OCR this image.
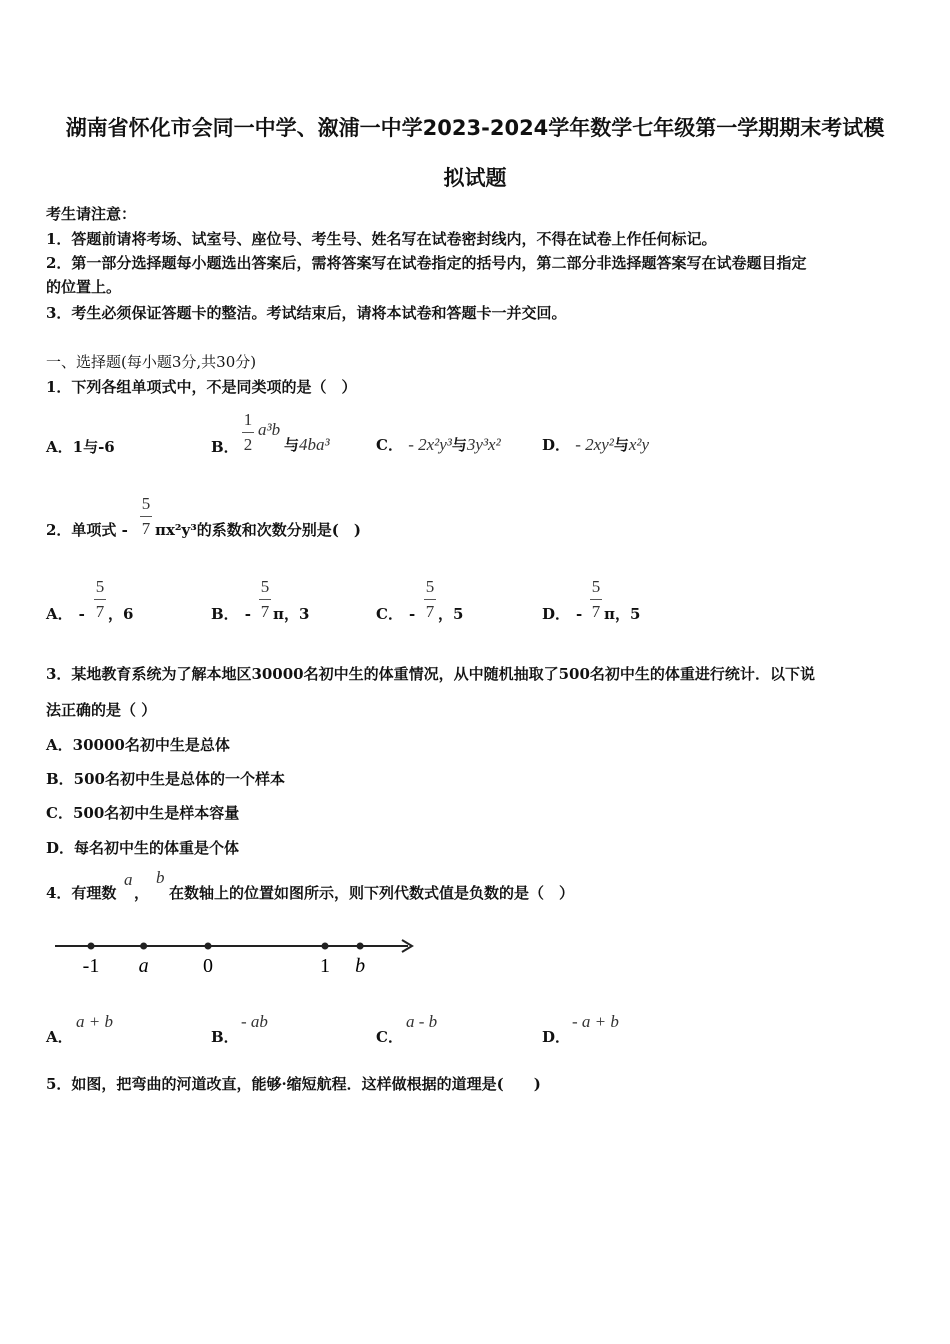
湖南省怀化市会同一中学、溆浦一中学2023-2024学年数学七年级第一学期期末考试模
拟试题
考生请注意：
1．答题前请将考场、试室号、座位号、考生号、姓名写在试卷密封线内，不得在试卷上作任何标记。
2．第一部分选择题每小题选出答案后，需将答案写在试卷指定的括号内，第二部分非选择题答案写在试卷题目指定
的位置上。
3．考生必须保证答题卡的整洁。考试结束后，请将本试卷和答题卡一并交回。
一、选择题(每小题3分,共30分)
1．下列各组单项式中，不是同类项的是（　）
A．1与-6	B．
1
2
a³b
与4ba³	C． - 2x²y³与3y³x²	D． - 2xy²与x²y
2．单项式 -
5
7 πx²y³的系数和次数分别是(　)
A． -
5
7 ，6	B． -
5
7 π，3	C． -
5
7 ，5	D． -
5
7 π，5
3．某地教育系统为了解本地区30000名初中生的体重情况，从中随机抽取了500名初中生的体重进行统计．以下说
法正确的是（ ）
A．30000名初中生是总体
B．500名初中生是总体的一个样本
C．500名初中生是样本容量
D．每名初中生的体重是个体
4．有理数
a
，
b
在数轴上的位置如图所示，则下列代数式值是负数的是（　）
-1 a	0	1 b
A．
a + b
B．
- ab
C．
a - b
D．
- a + b
5．如图，把弯曲的河道改直，能够·缩短航程．这样做根据的道理是(　　)
